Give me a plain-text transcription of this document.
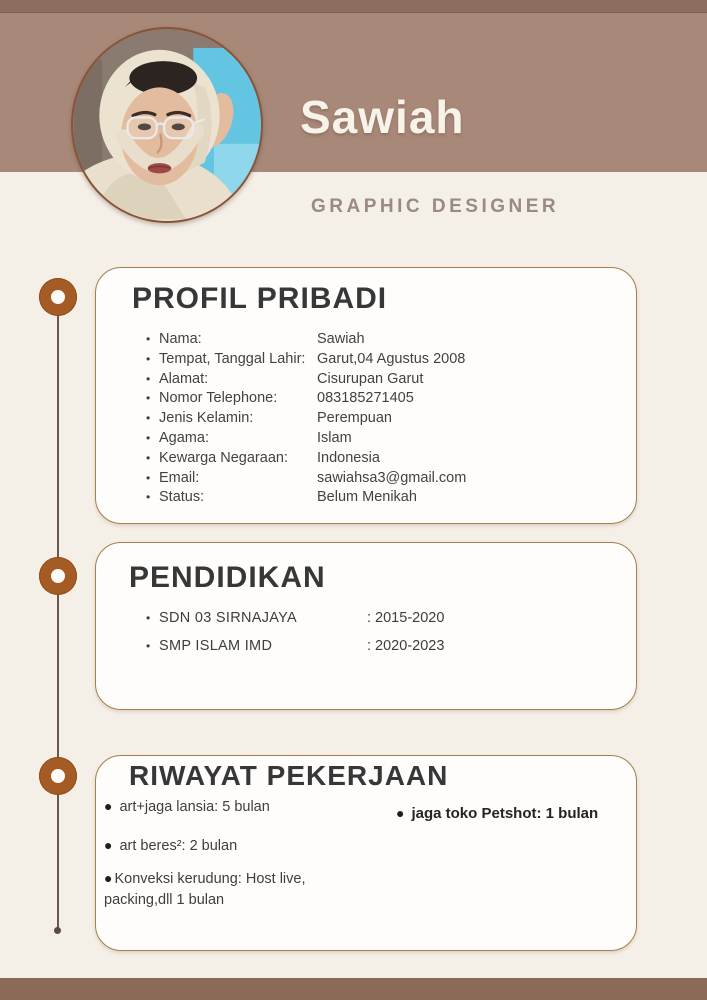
Sawiah
GRAPHIC DESIGNER
PROFIL PRIBADI
• Nama:	Sawiah
• Tempat, Tanggal Lahir: Garut,04 Agustus 2008
• Alamat:	Cisurupan Garut
• Nomor Telephone:	083185271405
• Jenis Kelamin:	Perempuan
• Agama:	Islam
• Kewarga Negaraan:	Indonesia
• Email:	sawiahsa3@gmail.com
• Status:	Belum Menikah
PENDIDIKAN
• SDN 03 SIRNAJAYA	: 2015-2020
• SMP ISLAM IMD	: 2020-2023
RIWAYAT PEKERJAAN
● art+jaga lansia: 5 bulan
● art beres²: 2 bulan
● Konveksi kerudung: Host live,
packing,dll 1 bulan
● jaga toko Petshot: 1 bulan
